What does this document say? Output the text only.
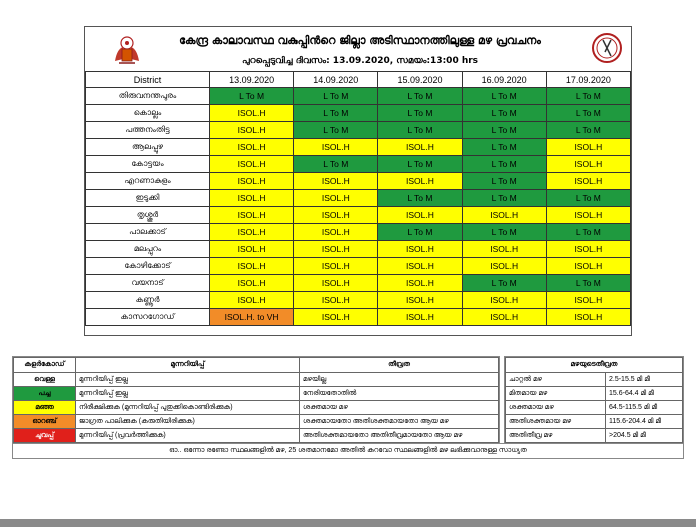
കേന്ദ്ര കാലാവസ്ഥ വകുപ്പിൻറെ ജില്ലാ അടിസ്ഥാനത്തിലുള്ള മഴ പ്രവചനം
പുറപ്പെടുവിച്ച ദിവസം: 13.09.2020, സമയം:13:00 hrs
District	13.09.2020	14.09.2020	15.09.2020	16.09.2020	17.09.2020
തിരുവനന്തപുരം	L To M	L To M	L To M	L To M	L To M
കൊല്ലം	ISOL.H	L To M	L To M	L To M	L To M
പത്തനംതിട്ട	ISOL.H	L To M	L To M	L To M	L To M
ആലപ്പുഴ	ISOL.H	ISOL.H	ISOL.H	L To M	ISOL.H
കോട്ടയം	ISOL.H	L To M	L To M	L To M	ISOL.H
എറണാകുളം	ISOL.H	ISOL.H	ISOL.H	L To M	ISOL.H
ഇടുക്കി	ISOL.H	ISOL.H	L To M	L To M	L To M
തൃശ്ശൂർ	ISOL.H	ISOL.H	ISOL.H	ISOL.H	ISOL.H
പാലക്കാട്	ISOL.H	ISOL.H	L To M	L To M	L To M
മലപ്പുറം	ISOL.H	ISOL.H	ISOL.H	ISOL.H	ISOL.H
കോഴിക്കോട്	ISOL.H	ISOL.H	ISOL.H	ISOL.H	ISOL.H
വയനാട്	ISOL.H	ISOL.H	ISOL.H	L To M	L To M
കണ്ണൂർ	ISOL.H	ISOL.H	ISOL.H	ISOL.H	ISOL.H
കാസറഗോഡ്	ISOL.H. to VH	ISOL.H	ISOL.H	ISOL.H	ISOL.H
കളർകോഡ്	മുന്നറിയിപ്പ്	തീവ്രത
വെള്ള	മുന്നറിയിപ്പ് ഇല്ല	മഴയില്ല
പച്ച	മുന്നറിയിപ്പ് ഇല്ല	നേരിയതോതിൽ
മഞ്ഞ	നിരീക്ഷിക്കുക (മുന്നറിയിപ്പ് പുതുക്കികൊണ്ടിരിക്കുക)	ശക്തമായ മഴ
ഓറഞ്ച്	ജാഗ്രത പാലിക്കുക (കരുതിയിരിക്കുക)	ശക്തമായതോ അതിശക്തമായതോ ആയ മഴ
ചുവപ്പ്	മുന്നറിയിപ്പ് (പ്രവർത്തിക്കുക)	അതിശക്തമായതോ അതിതീവ്രമായതോ ആയ മഴ
മഴയുടെതീവ്രത	
ചാറ്റൽ മഴ	2.5-15.5 മി മീ
മിതമായ മഴ	15.6-64.4 മി മീ
ശക്തമായ മഴ	64.5-115.5 മി മീ
അതിശക്തമായ മഴ	115.6-204.4 മി മീ
അതിതീവ്ര മഴ	>204.5 മി മീ
ഓ.. ഒന്നോ രണ്ടോ സ്ഥലങ്ങളിൽ മഴ, 25 ശതമാനമോ അതിൽ കുറവോ സ്ഥലങ്ങളിൽ മഴ ലഭിക്കുവാനുള്ള സാധ്യത
